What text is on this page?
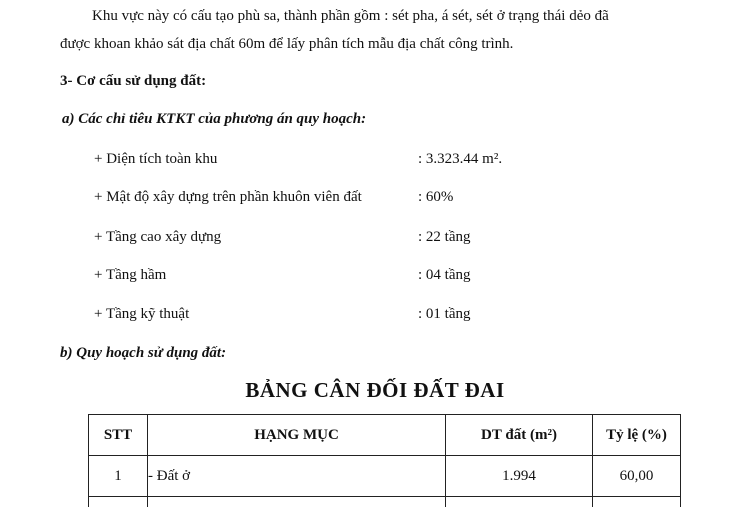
Khu vực này có cấu tạo phù sa, thành phần gồm : sét pha, á sét, sét ở trạng thái dẻo đã
được khoan khảo sát địa chất 60m để lấy phân tích mẫu địa chất công trình.
3- Cơ cấu sử dụng đất:
a) Các chỉ tiêu KTKT của phương án quy hoạch:
+ Diện tích toàn khu	: 3.323.44 m².
+ Mật độ xây dựng trên phần khuôn viên đất	: 60%
+ Tầng cao xây dựng	: 22 tầng
+ Tầng hầm	: 04 tầng
+ Tầng kỹ thuật	: 01 tầng
b) Quy hoạch sử dụng đất:
BẢNG CÂN ĐỐI ĐẤT ĐAI
STT	HẠNG MỤC	DT đất (m²)	Tỷ lệ (%)
1	- Đất ở	1.994	60,00
